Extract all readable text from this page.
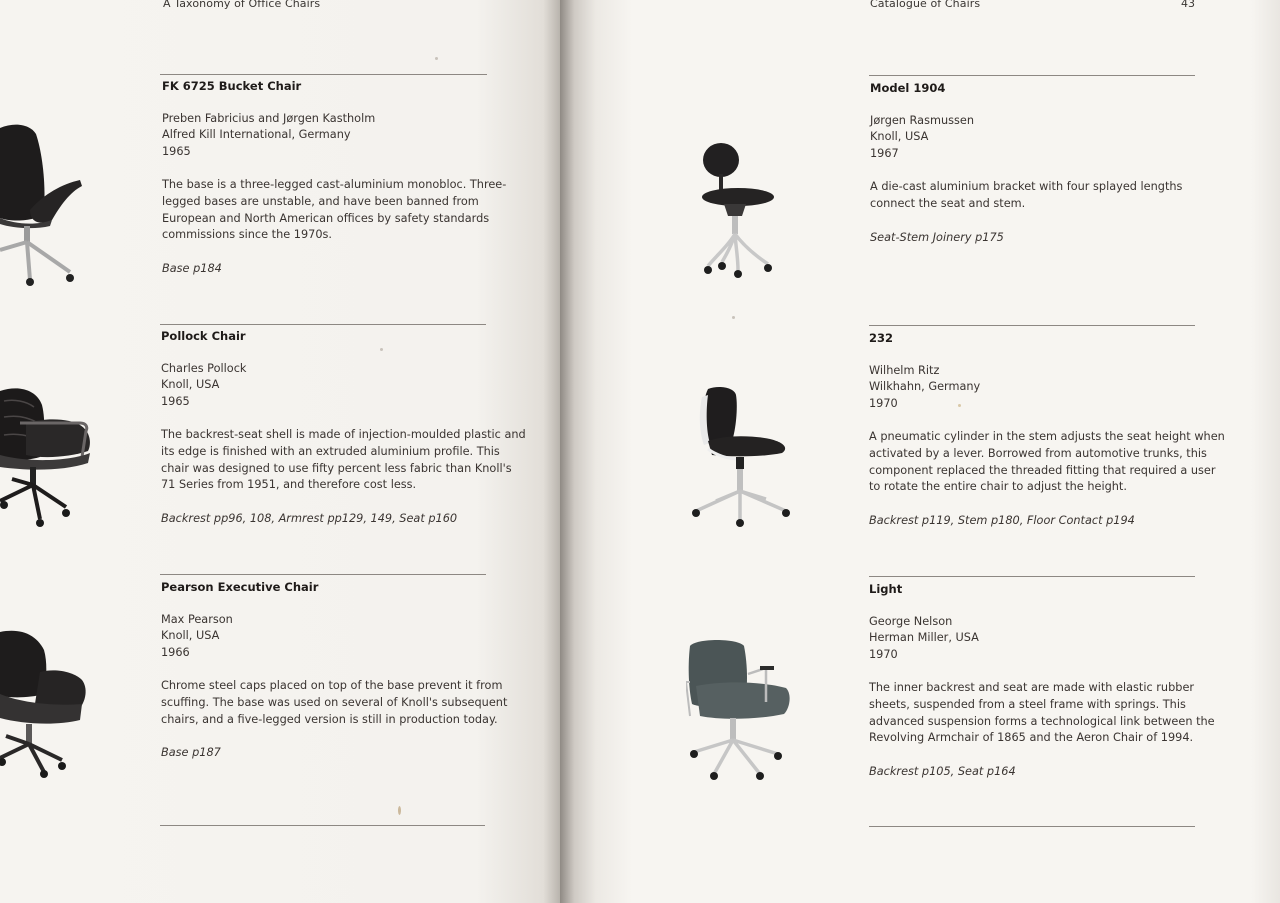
A Taxonomy of Office Chairs
FK 6725 Bucket Chair
Preben Fabricius and Jørgen Kastholm
Alfred Kill International, Germany
1965
The base is a three-legged cast-aluminium monobloc. Three-
legged bases are unstable, and have been banned from
European and North American offices by safety standards
commissions since the 1970s.
Base p184
Pollock Chair
Charles Pollock
Knoll, USA
1965
The backrest-seat shell is made of injection-moulded plastic and
its edge is finished with an extruded aluminium profile. This
chair was designed to use fifty percent less fabric than Knoll's
71 Series from 1951, and therefore cost less.
Backrest pp96, 108, Armrest pp129, 149, Seat p160
Pearson Executive Chair
Max Pearson
Knoll, USA
1966
Chrome steel caps placed on top of the base prevent it from
scuffing. The base was used on several of Knoll's subsequent
chairs, and a five-legged version is still in production today.
Base p187
Catalogue of Chairs	43
Model 1904
Jørgen Rasmussen
Knoll, USA
1967
A die-cast aluminium bracket with four splayed lengths
connect the seat and stem.
Seat-Stem Joinery p175
232
Wilhelm Ritz
Wilkhahn, Germany
1970
A pneumatic cylinder in the stem adjusts the seat height when
activated by a lever. Borrowed from automotive trunks, this
component replaced the threaded fitting that required a user
to rotate the entire chair to adjust the height.
Backrest p119, Stem p180, Floor Contact p194
Light
George Nelson
Herman Miller, USA
1970
The inner backrest and seat are made with elastic rubber
sheets, suspended from a steel frame with springs. This
advanced suspension forms a technological link between the
Revolving Armchair of 1865 and the Aeron Chair of 1994.
Backrest p105, Seat p164
